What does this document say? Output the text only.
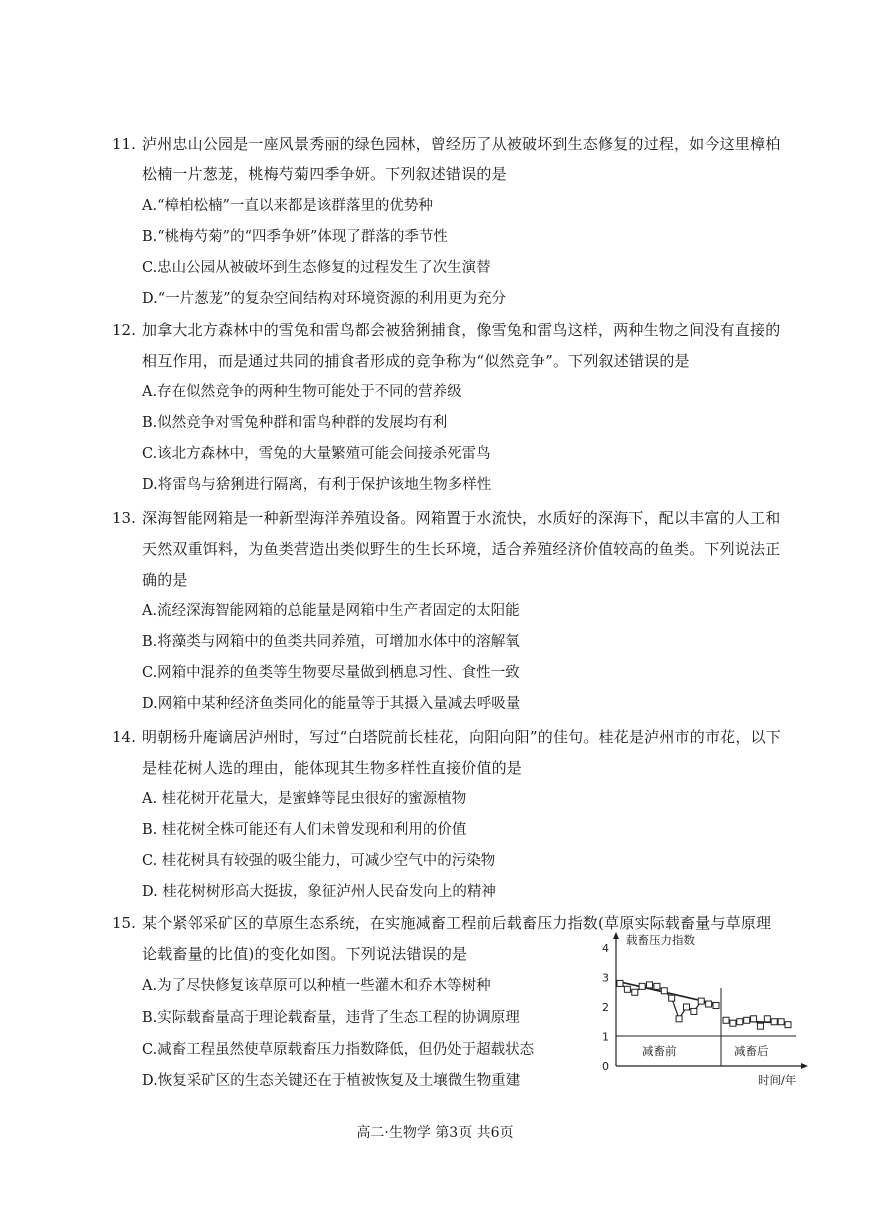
11. 泸州忠山公园是一座风景秀丽的绿色园林，曾经历了从被破坏到生态修复的过程，如今这里樟柏
松楠一片葱茏，桃梅芍菊四季争妍。下列叙述错误的是
A.“樟柏松楠”一直以来都是该群落里的优势种
B.“桃梅芍菊”的“四季争妍”体现了群落的季节性
C.忠山公园从被破坏到生态修复的过程发生了次生演替
D.“一片葱茏”的复杂空间结构对环境资源的利用更为充分
12. 加拿大北方森林中的雪兔和雷鸟都会被猞猁捕食，像雪兔和雷鸟这样，两种生物之间没有直接的
相互作用，而是通过共同的捕食者形成的竞争称为“似然竞争”。下列叙述错误的是
A.存在似然竞争的两种生物可能处于不同的营养级
B.似然竞争对雪兔种群和雷鸟种群的发展均有利
C.该北方森林中，雪兔的大量繁殖可能会间接杀死雷鸟
D.将雷鸟与猞猁进行隔离，有利于保护该地生物多样性
13. 深海智能网箱是一种新型海洋养殖设备。网箱置于水流快，水质好的深海下，配以丰富的人工和
天然双重饵料，为鱼类营造出类似野生的生长环境，适合养殖经济价值较高的鱼类。下列说法正
确的是
A.流经深海智能网箱的总能量是网箱中生产者固定的太阳能
B.将藻类与网箱中的鱼类共同养殖，可增加水体中的溶解氧
C.网箱中混养的鱼类等生物要尽量做到栖息习性、食性一致
D.网箱中某种经济鱼类同化的能量等于其摄入量减去呼吸量
14. 明朝杨升庵谪居泸州时，写过“白塔院前长桂花，向阳向阳”的佳句。桂花是泸州市的市花，以下
是桂花树人选的理由，能体现其生物多样性直接价值的是
A. 桂花树开花量大，是蜜蜂等昆虫很好的蜜源植物
B. 桂花树全株可能还有人们未曾发现和利用的价值
C. 桂花树具有较强的吸尘能力，可减少空气中的污染物
D. 桂花树树形高大挺拔，象征泸州人民奋发向上的精神
15. 某个紧邻采矿区的草原生态系统，在实施减畜工程前后载畜压力指数(草原实际载畜量与草原理
论载畜量的比值)的变化如图。下列说法错误的是
A.为了尽快修复该草原可以种植一些灌木和乔木等树种
B.实际载畜量高于理论载畜量，违背了生态工程的协调原理
C.减畜工程虽然使草原载畜压力指数降低，但仍处于超载状态
D.恢复采矿区的生态关键还在于植被恢复及土壤微生物重建
载畜压力指数
0
1
2
3
4
减畜前	减畜后
时间/年
高二·生物学 第3页 共6页
